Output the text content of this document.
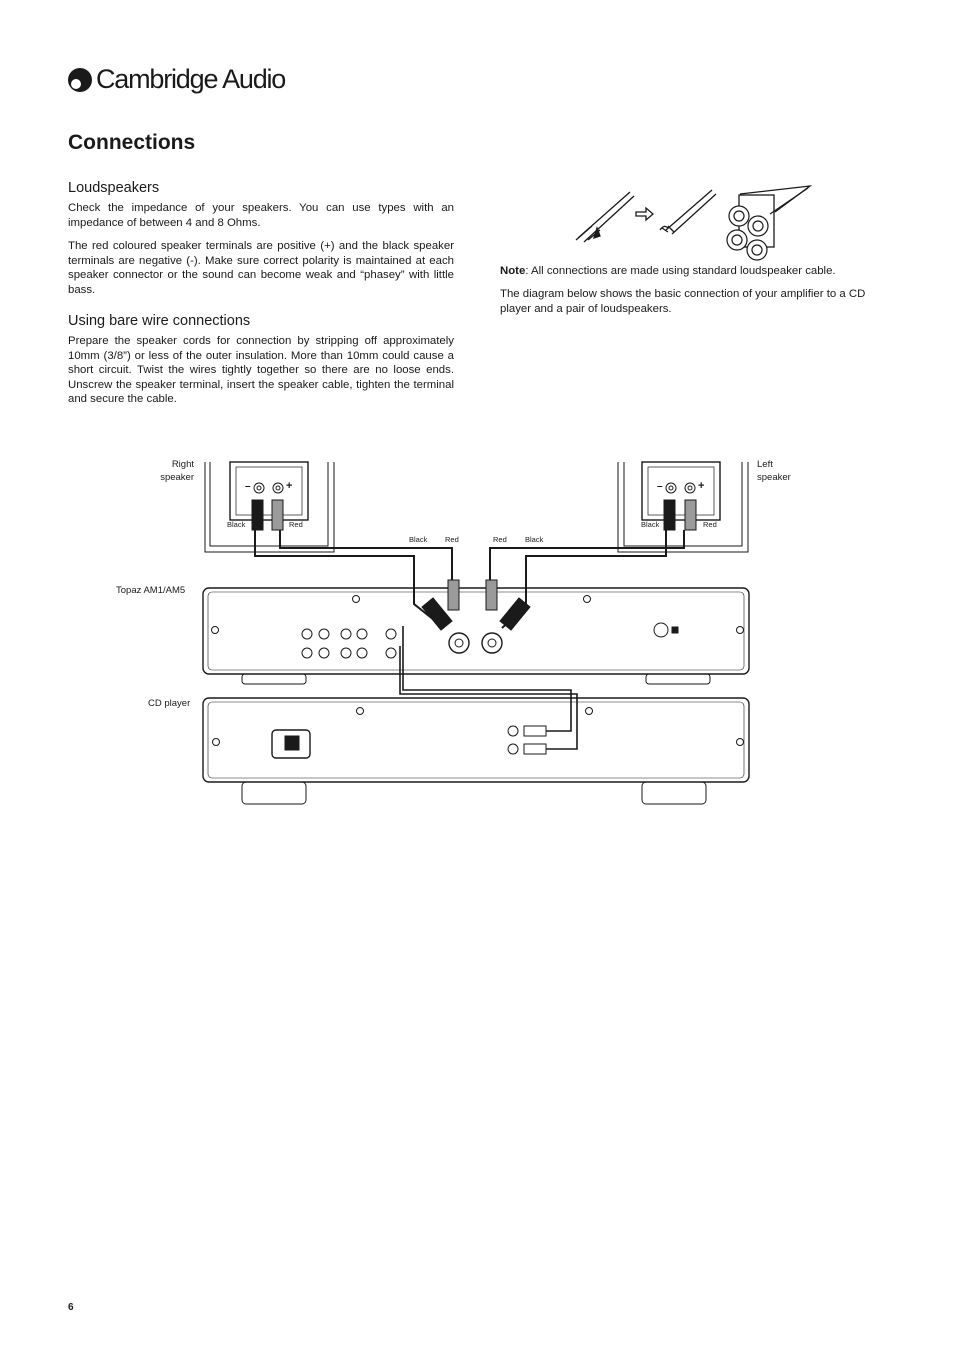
Cambridge Audio
Connections
Loudspeakers

Check the impedance of your speakers. You can use types with an impedance of between 4 and 8 Ohms.

The red coloured speaker terminals are positive (+) and the black speaker terminals are negative (-). Make sure correct polarity is maintained at each speaker connector or the sound can become weak and “phasey” with little bass.

Using bare wire connections

Prepare the speaker cords for connection by stripping off approximately 10mm (3/8”) or less of the outer insulation. More than 10mm could cause a short circuit. Twist the wires tightly together so there are no loose ends. Unscrew the speaker terminal, insert the speaker cable, tighten the terminal and secure the cable.

Note: All connections are made using standard loudspeaker cable.

The diagram below shows the basic connection of your amplifier to a CD player and a pair of loudspeakers.

Right
speaker
Left
speaker
Topaz AM1/AM5
CD player
–	+	–	+
Black	Red	Black	Red
Black Red	Red Black
6
